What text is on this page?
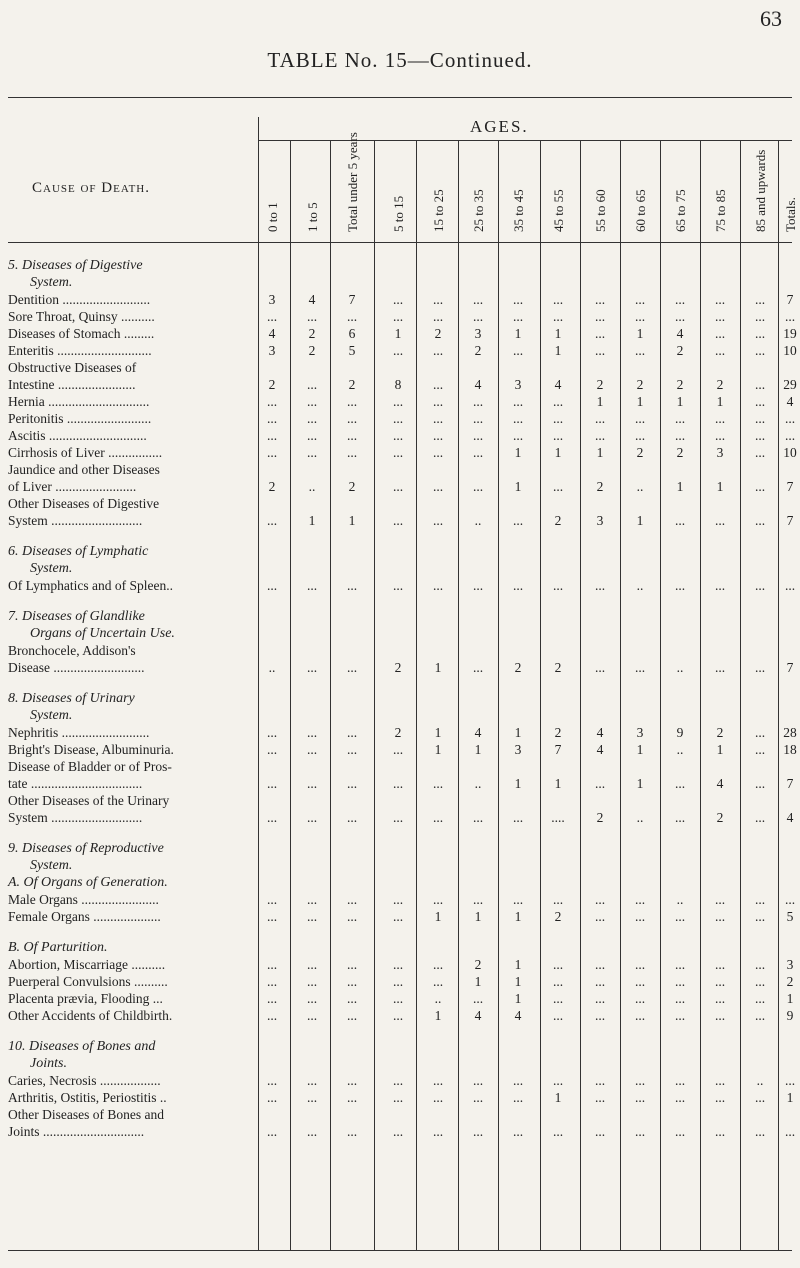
63
TABLE No. 15—Continued.
AGES.
Cause of Death.
0 to 1 1 to 5 Total under 5 years 5 to 15 15 to 25 25 to 35 35 to 45 45 to 55 55 to 60 60 to 65 65 to 75 75 to 85 85 and upwards Totals.
5. Diseases of Digestive
System.
Dentition ..........................	3	4	7	...	...	...	...	...	...	...	...	...	...	7
Sore Throat, Quinsy ..........	...	...	...	...	...	...	...	...	...	...	...	...	...	...
Diseases of Stomach .........	4	2	6	1	2	3	1	1	...	1	4	...	...	19
Enteritis ............................	3	2	5	...	...	2	...	1	...	...	2	...	...	10
Obstructive Diseases of
Intestine .......................	2	...	2	8	...	4	3	4	2	2	2	2	...	29
Hernia ..............................	...	...	...	...	...	...	...	...	1	1	1	1	...	4
Peritonitis .........................	...	...	...	...	...	...	...	...	...	...	...	...	...	...
Ascitis .............................	...	...	...	...	...	...	...	...	...	...	...	...	...	...
Cirrhosis of Liver ................	...	...	...	...	...	...	1	1	1	2	2	3	...	10
Jaundice and other Diseases
of Liver ........................	2	..	2	...	...	...	1	...	2	..	1	1	...	7
Other Diseases of Digestive
System ...........................	...	1	1	...	...	..	...	2	3	1	...	...	...	7
6. Diseases of Lymphatic
System.
Of Lymphatics and of Spleen..	...	...	...	...	...	...	...	...	...	..	...	...	...	...
7. Diseases of Glandlike
Organs of Uncertain Use.
Bronchocele, Addison's
Disease ...........................	..	...	...	2	1	...	2	2	...	...	..	...	...	7
8. Diseases of Urinary
System.
Nephritis ..........................	...	...	...	2	1	4	1	2	4	3	9	2	...	28
Bright's Disease, Albuminuria.	...	...	...	...	1	1	3	7	4	1	..	1	...	18
Disease of Bladder or of Pros-
tate .................................	...	...	...	...	...	..	1	1	...	1	...	4	...	7
Other Diseases of the Urinary
System ...........................	...	...	...	...	...	...	...	....	2	..	...	2	...	4
9. Diseases of Reproductive
System.
A. Of Organs of Generation.
Male Organs .......................	...	...	...	...	...	...	...	...	...	...	..	...	...	...
Female Organs ....................	...	...	...	...	1	1	1	2	...	...	...	...	...	5
B. Of Parturition.
Abortion, Miscarriage ..........	...	...	...	...	...	2	1	...	...	...	...	...	...	3
Puerperal Convulsions ..........	...	...	...	...	...	1	1	...	...	...	...	...	...	2
Placenta prævia, Flooding ...	...	...	...	...	..	...	1	...	...	...	...	...	...	1
Other Accidents of Childbirth.	...	...	...	...	1	4	4	...	...	...	...	...	...	9
10. Diseases of Bones and
Joints.
Caries, Necrosis ..................	...	...	...	...	...	...	...	...	...	...	...	...	..	...
Arthritis, Ostitis, Periostitis ..	...	...	...	...	...	...	...	1	...	...	...	...	...	1
Other Diseases of Bones and
Joints ..............................	...	...	...	...	...	...	...	...	...	...	...	...	...	...
